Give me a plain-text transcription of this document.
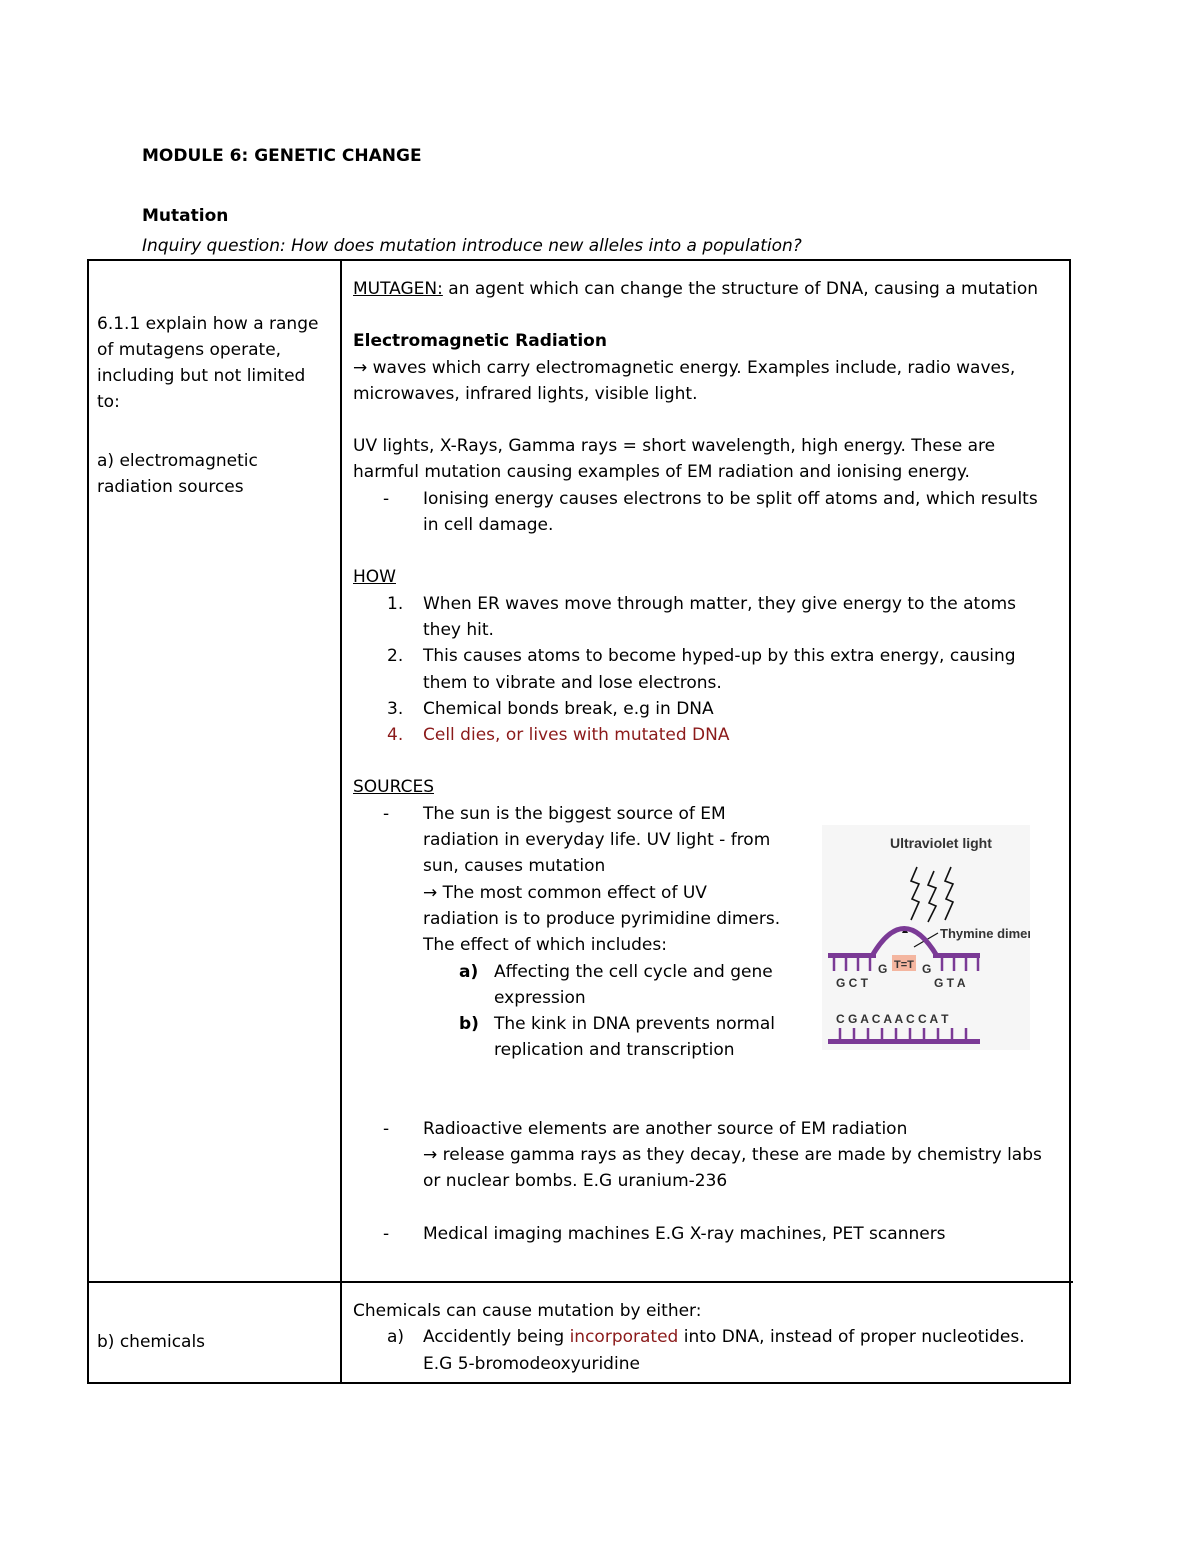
MODULE 6: GENETIC CHANGE
Mutation
Inquiry question: How does mutation introduce new alleles into a population?
6.1.1 explain how a range of mutagens operate, including but not limited to:
a) electromagnetic radiation sources
MUTAGEN: an agent which can change the structure of DNA, causing a mutation
Electromagnetic Radiation
→ waves which carry electromagnetic energy. Examples include, radio waves, microwaves, infrared lights, visible light.
UV lights, X-Rays, Gamma rays = short wavelength, high energy. These are harmful mutation causing examples of EM radiation and ionising energy.
- Ionising energy causes electrons to be split off atoms and, which results in cell damage.
HOW
1. When ER waves move through matter, they give energy to the atoms they hit.
2. This causes atoms to become hyped-up by this extra energy, causing them to vibrate and lose electrons.
3. Chemical bonds break, e.g in DNA
4. Cell dies, or lives with mutated DNA
SOURCES
- The sun is the biggest source of EM
radiation in everyday life. UV light - from
sun, causes mutation
→ The most common effect of UV
radiation is to produce pyrimidine dimers.
The effect of which includes:
a) Affecting the cell cycle and gene
expression
b) The kink in DNA prevents normal
replication and transcription
- Radioactive elements are another source of EM radiation
→ release gamma rays as they decay, these are made by chemistry labs or nuclear bombs. E.G uranium-236
- Medical imaging machines E.G X-ray machines, PET scanners
Ultraviolet light
Thymine dimer
T=T
G	G
G C T	G T A
C G A C A A C C A T
b) chemicals
Chemicals can cause mutation by either:
a) Accidently being incorporated into DNA, instead of proper nucleotides.
E.G 5-bromodeoxyuridine
